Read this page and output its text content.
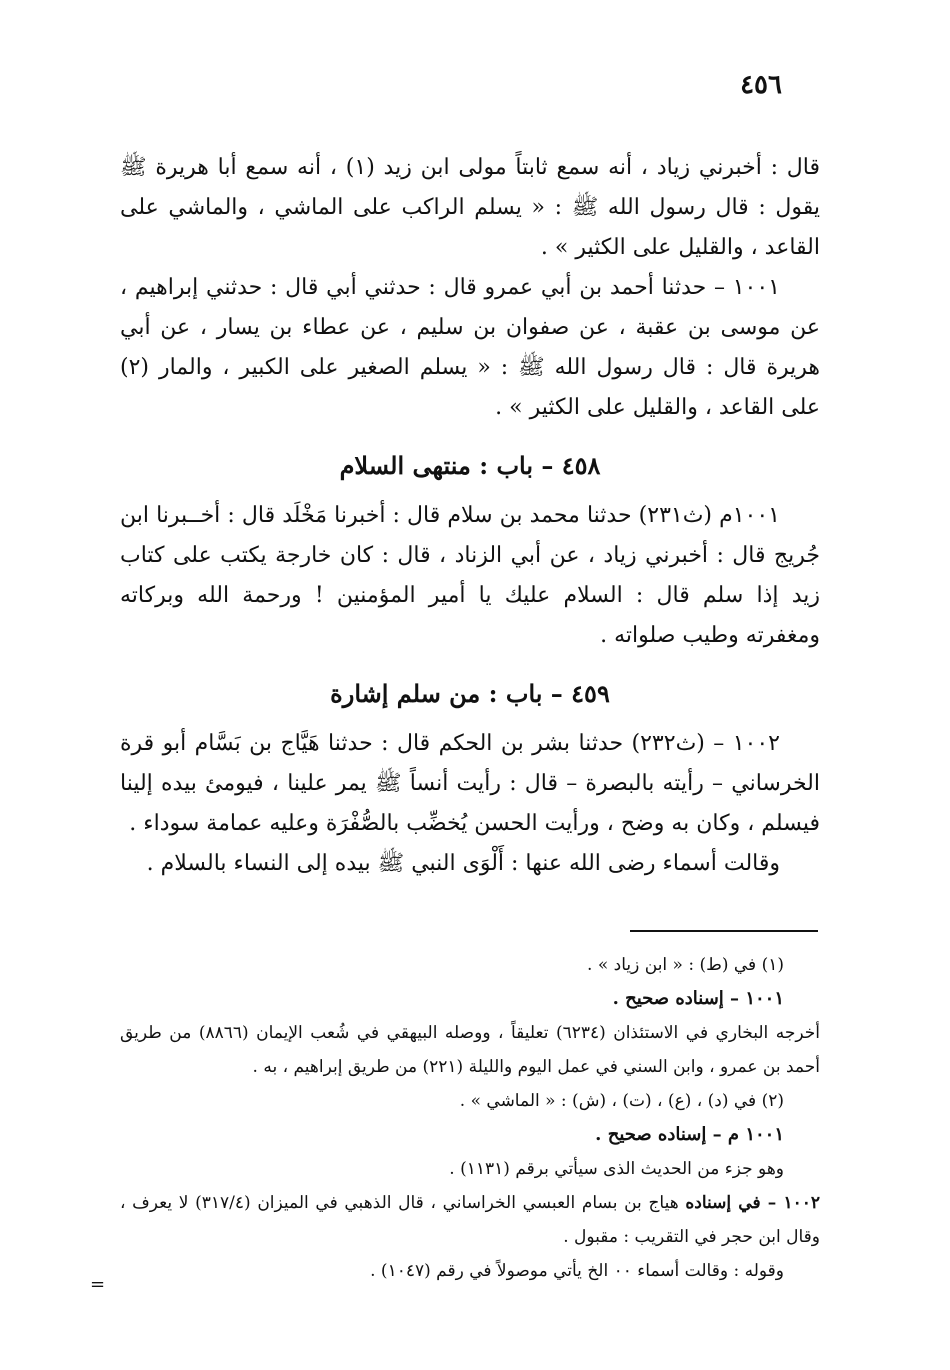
٤٥٦

قال : أخبرني زياد ، أنه سمع ثابتاً مولى ابن زيد (١) ، أنه سمع أبا هريرة ﷺ يقول : قال رسول الله ﷺ : « يسلم الراكب على الماشي ، والماشي على القاعد ، والقليل على الكثير » .

١٠٠١ – حدثنا أحمد بن أبي عمرو قال : حدثني أبي قال : حدثني إبراهيم ، عن موسى بن عقبة ، عن صفوان بن سليم ، عن عطاء بن يسار ، عن أبي هريرة قال : قال رسول الله ﷺ : « يسلم الصغير على الكبير ، والمار (٢) على القاعد ، والقليل على الكثير » .

٤٥٨ – باب : منتهى السلام

١٠٠١م (ث٢٣١) حدثنا محمد بن سلام قال : أخبرنا مَخْلَد قال : أخــبرنا ابن جُريج قال : أخبرني زياد ، عن أبي الزناد ، قال : كان خارجة يكتب على كتاب زيد إذا سلم قال : السلام عليك يا أمير المؤمنين ! ورحمة الله وبركاته ومغفرته وطيب صلواته .

٤٥٩ – باب : من سلم إشارة

١٠٠٢ – (ث٢٣٢) حدثنا بشر بن الحكم قال : حدثنا هَيَّاج بن بَسَّام أبو قرة الخرساني – رأيته بالبصرة – قال : رأيت أنساً ﷺ يمر علينا ، فيومئ بيده إلينا فيسلم ، وكان به وضح ، ورأيت الحسن يُخضِّب بالصُّفْرَة وعليه عمامة سوداء .

وقالت أسماء رضى الله عنها : أَلْوَى النبي ﷺ بيده إلى النساء بالسلام .

(١) في (ط) : « ابن زياد » .

١٠٠١ – إسناده صحيح .

أخرجه البخاري في الاستئذان (٦٢٣٤) تعليقاً ، ووصله البيهقي في شُعب الإيمان (٨٨٦٦) من طريق أحمد بن عمرو ، وابن السني في عمل اليوم والليلة (٢٢١) من طريق إبراهيم ، به .

(٢) في (د) ، (ع) ، (ت) ، (ش) : « الماشي » .

١٠٠١ م – إسناده صحيح .

وهو جزء من الحديث الذى سيأتي برقم (١١٣١) .

١٠٠٢ – في إسناده هياج بن بسام العبسي الخراساني ، قال الذهبي في الميزان (٣١٧/٤) لا يعرف ، وقال ابن حجر في التقريب : مقبول .

وقوله : وقالت أسماء ٠٠ الخ يأتي موصولاً في رقم (١٠٤٧) .

=
